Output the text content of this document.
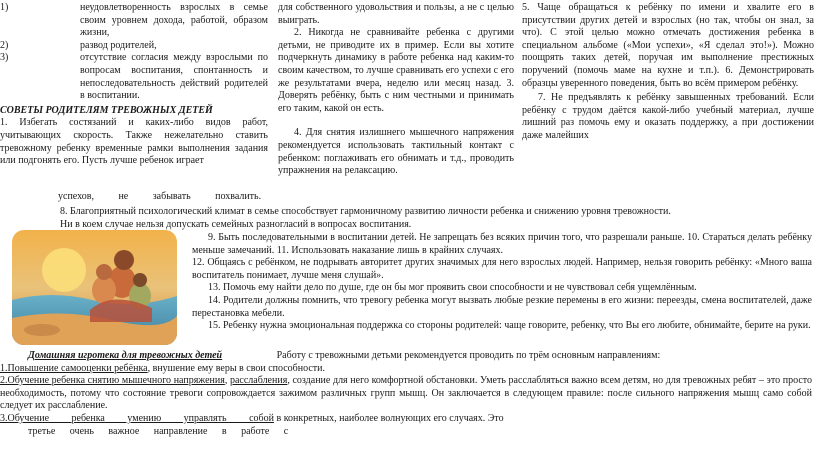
1)	неудовлетворенность взрослых в семье своим уровнем дохода, работой, образом жизни,
2)	развод родителей,
3)	отсутствие согласия между взрослыми по вопросам воспитания, спонтанность и непоследовательность действий родителей в воспитании.
СОВЕТЫ РОДИТЕЛЯМ ТРЕВОЖНЫХ ДЕТЕЙ
1. Избегать состязаний и каких-либо видов работ, учитывающих скорость. Также нежелательно ставить тревожному ребенку временные рамки выполнения задания или подгонять его. Пусть лучше ребенок играет
успехов, не забывать похвалить.
для собственного удовольствия и пользы, а не с целью выиграть.
2. Никогда не сравнивайте ребенка с другими детьми, не приводите их в пример. Если вы хотите подчеркнуть динамику в работе ребенка над каким-то своим качеством, то лучше сравнивать его успехи с его же результатами вчера, неделю или месяц назад. 3. Доверять ребёнку, быть с ним честными и принимать его таким, какой он есть.
4. Для снятия излишнего мышечного напряжения рекомендуется использовать тактильный контакт с ребенком: поглаживать его обнимать и т.д., проводить упражнения на релаксацию.
5. Чаще обращаться к ребёнку по имени и хвалите его в присутствии других детей и взрослых (но так, чтобы он знал, за что). С этой целью можно отмечать достижения ребенка в специальном альбоме («Мои успехи», «Я сделал это!»). Можно поощрять таких детей, поручая им выполнение престижных поручений (помочь маме на кухне и т.п.). 6. Демонстрировать образцы уверенного поведения, быть во всём примером ребёнку.
7. Не предъявлять к ребёнку завышенных требований. Если ребёнку с трудом даётся какой-либо учебный материал, лучше лишний раз помочь ему и оказать поддержку, а при достижении даже малейших
8. Благоприятный психологический климат в семье способствует гармоничному развитию личности ребенка и снижению уровня тревожности.
Ни в коем случае нельзя допускать семейных разногласий в вопросах воспитания.
9. Быть последовательными в воспитании детей. Не запрещать без всяких причин того, что разрешали раньше. 10. Стараться делать ребёнку меньше замечаний. 11. Использовать наказание лишь в крайних случаях.
12. Общаясь с ребёнком, не подрывать авторитет других значимых для него взрослых людей. Например, нельзя говорить ребёнку: «Много ваша воспитатель понимает, лучше меня слушай».
13. Помочь ему найти дело по душе, где он бы мог проявить свои способности и не чувствовал себя ущемлённым.
14. Родители должны помнить, что тревогу ребенка могут вызвать любые резкие перемены в его жизни: переезды, смена воспитателей, даже перестановка мебели.
15. Ребенку нужна эмоциональная поддержка со стороны родителей: чаще говорите, ребенку, что Вы его любите, обнимайте, берите на руки.
Домашняя игротека для тревожных детей	Работу с тревожными детьми рекомендуется проводить по трём основным направлениям:
1.Повышение самооценки ребёнка, внушение ему веры в свои способности.
2.Обучение ребенка снятию мышечного напряжения, расслабления, создание для него комфортной обстановки. Уметь расслабляться важно всем детям, но для тревожных ребят – это просто необходимость, потому что состояние тревоги сопровождается зажимом различных групп мышц. Он заключается в следующем правиле: после сильного напряжения мышц само собой следует их расслабление.
3.Обучение ребенка умению управлять собой в конкретных, наиболее волнующих его случаях. Это
третье очень важное направление в работе с
